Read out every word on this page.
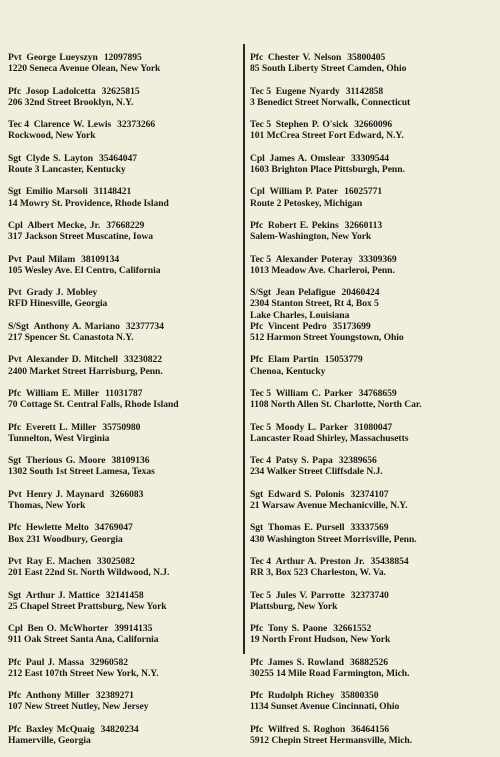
Pvt George Lueyszyn 12097895
1220 Seneca Avenue Olean, New York
Pfc Josop Ladolcetta 32625815
206 32nd Street Brooklyn, N.Y.
Tec 4 Clarence W. Lewis 32373266
Rockwood, New York
Sgt Clyde S. Layton 35464047
Route 3 Lancaster, Kentucky
Sgt Emilio Marsoli 31148421
14 Mowry St. Providence, Rhode Island
Cpl Albert Mecke, Jr. 37668229
317 Jackson Street Muscatine, Iowa
Pvt Paul Milam 38109134
105 Wesley Ave. El Centro, California
Pvt Grady J. Mobley
RFD Hinesville, Georgia
S/Sgt Anthony A. Mariano 32377734
217 Spencer St. Canastota N.Y.
Pvt Alexander D. Mitchell 33230822
2400 Market Street Harrisburg, Penn.
Pfc William E. Miller 11031787
70 Cottage St. Central Falls, Rhode Island
Pfc Everett L. Miller 35750980
Tunnelton, West Virginia
Sgt Therious G. Moore 38109136
1302 South 1st Street Lamesa, Texas
Pvt Henry J. Maynard 3266083
Thomas, New York
Pfc Hewlette Melto 34769047
Box 231 Woodbury, Georgia
Pvt Ray E. Machen 33025082
201 East 22nd St. North Wildwood, N.J.
Sgt Arthur J. Mattice 32141458
25 Chapel Street Prattsburg, New York
Cpl Ben O. McWhorter 39914135
911 Oak Street Santa Ana, California
Pfc Paul J. Massa 32960582
212 East 107th Street New York, N.Y.
Pfc Anthony Miller 32389271
107 New Street Nutley, New Jersey
Pfc Baxley McQuaig 34820234
Hamerville, Georgia
Pfc Chester V. Nelson 35800405
85 South Liberty Street Camden, Ohio
Tec 5 Eugene Nyardy 31142858
3 Benedict Street Norwalk, Connecticut
Tec 5 Stephen P. O'sick 32660096
101 McCrea Street Fort Edward, N.Y.
Cpl James A. Omslear 33309544
1603 Brighton Place Pittsburgh, Penn.
Cpl William P. Pater 16025771
Route 2 Petoskey, Michigan
Pfc Robert E. Pekins 32660113
Salem-Washington, New York
Tec 5 Alexander Poteray 33309369
1013 Meadow Ave. Charleroi, Penn.
S/Sgt Jean Pelafigue 20460424
2304 Stanton Street, Rt 4, Box 5
Lake Charles, Louisiana
Pfc Vincent Pedro 35173699
512 Harmon Street Youngstown, Ohio
Pfc Elam Partin 15053779
Chenoa, Kentucky
Tec 5 William C. Parker 34768659
1108 North Allen St. Charlotte, North Car.
Tec 5 Moody L. Parker 31080047
Lancaster Road Shirley, Massachusetts
Tec 4 Patsy S. Papa 32389656
234 Walker Street Cliffsdale N.J.
Sgt Edward S. Polonis 32374107
21 Warsaw Avenue Mechanicville, N.Y.
Sgt Thomas E. Pursell 33337569
430 Washington Street Morrisville, Penn.
Tec 4 Arthur A. Preston Jr. 35438854
RR 3, Box 523 Charleston, W. Va.
Tec 5 Jules V. Parrotte 32373740
Plattsburg, New York
Pfc Tony S. Paone 32661552
19 North Front Hudson, New York
Pfc James S. Rowland 36882526
30255 14 Mile Road Farmington, Mich.
Pfc Rudolph Richey 35800350
1134 Sunset Avenue Cincinnati, Ohio
Pfc Wilfred S. Roghon 36464156
5912 Chepin Street Hermansville, Mich.
